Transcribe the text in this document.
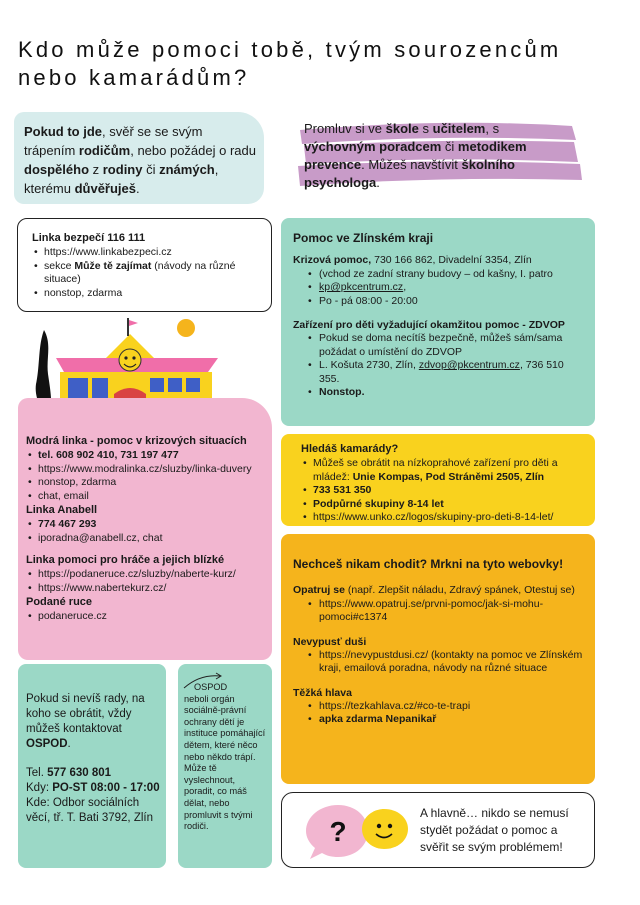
Kdo může pomoci tobě, tvým sourozencům
nebo kamarádům?
Pokud to jde, svěř se se svým trápením rodičům, nebo požádej o radu dospělého z rodiny či známých,
kterému důvěřuješ.
Promluv si ve škole s učitelem, s
výchovným poradcem či metodikem
prevence. Můžeš navštívit školního
psychologa.
Linka bezpečí 116 111
• https://www.linkabezpeci.cz
• sekce Může tě zajímat (návody na různé situace)
• nonstop, zdarma
Modrá linka - pomoc v krizových situacích
• tel. 608 902 410, 731 197 477
• https://www.modralinka.cz/sluzby/linka-duvery
• nonstop, zdarma
• chat, email
Linka Anabell
• 774 467 293
• iporadna@anabell.cz, chat
Linka pomoci pro hráče a jejich blízké
• https://podaneruce.cz/sluzby/naberte-kurz/
• https://www.nabertekurz.cz/
Podané ruce
• podaneruce.cz
Pomoc ve Zlínském kraji
Krizová pomoc, 730 166 862, Divadelní 3354, Zlín
• (vchod ze zadní strany budovy – od kašny, I. patro
• kp@pkcentrum.cz,
• Po - pá 08:00 - 20:00
Zařízení pro děti vyžadující okamžitou pomoc - ZDVOP
• Pokud se doma necítíš bezpečně, můžeš sám/sama požádat o umístění do ZDVOP
• L. Košuta 2730, Zlín, zdvop@pkcentrum.cz, 736 510 355.
• Nonstop.
Hledáš kamarády?
• Můžeš se obrátit na nízkoprahové zařízení pro děti a mládež: Unie Kompas, Pod Stráněmi 2505, Zlín
• 733 531 350
• Podpůrné skupiny 8-14 let
• https://www.unko.cz/logos/skupiny-pro-deti-8-14-let/
Nechceš nikam chodit? Mrkni na tyto webovky!
Opatruj se (např. Zlepšit náladu, Zdravý spánek, Otestuj se)
• https://www.opatruj.se/prvni-pomoc/jak-si-mohu-pomoci#c1374
Nevypusť duši
• https://nevypustdusi.cz/ (kontakty na pomoc ve Zlínském kraji, emailová poradna, návody na různé situace
Těžká hlava
• https://tezkahlava.cz/#co-te-trapi
• apka zdarma Nepanikař
Pokud si nevíš rady, na koho se obrátit, vždy můžeš kontaktovat OSPOD.
Tel. 577 630 801
Kdy: PO-ST 08:00 - 17:00
Kde: Odbor sociálních věcí, tř. T. Bati 3792, Zlín
OSPOD
neboli orgán sociálně-právní ochrany dětí je instituce pomáhající dětem, které něco nebo někdo trápí. Může tě vyslechnout, poradit, co máš dělat, nebo promluvit s tvými rodiči.	?
A hlavně… nikdo se nemusí stydět požádat o pomoc a svěřit se svým problémem!
